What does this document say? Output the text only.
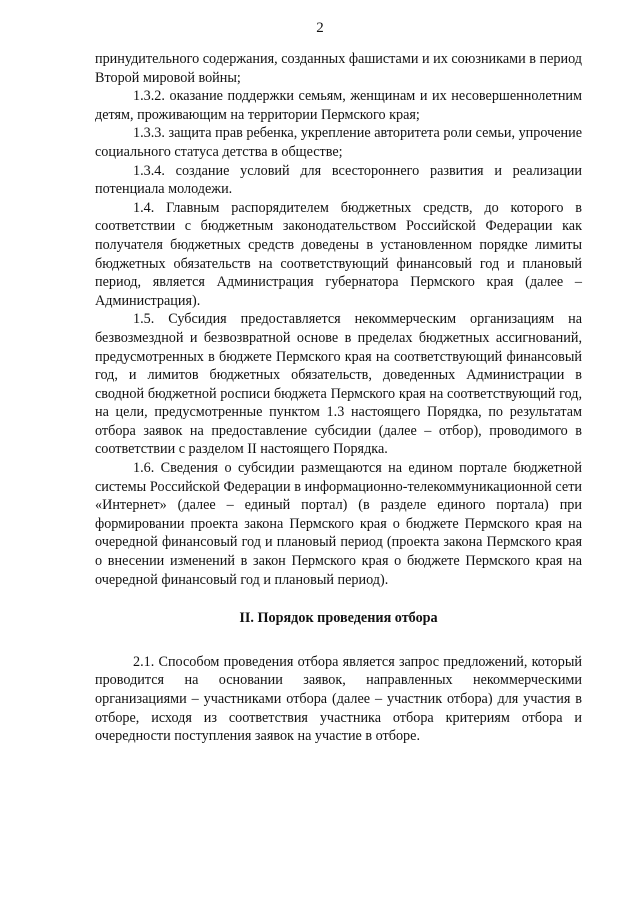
2

принудительного содержания, созданных фашистами и их союзниками в период Второй мировой войны;

1.3.2. оказание поддержки семьям, женщинам и их несовершеннолетним детям, проживающим на территории Пермского края;

1.3.3. защита прав ребенка, укрепление авторитета роли семьи, упрочение социального статуса детства в обществе;

1.3.4. создание условий для всестороннего развития и реализации потенциала молодежи.

1.4. Главным распорядителем бюджетных средств, до которого в соответствии с бюджетным законодательством Российской Федерации как получателя бюджетных средств доведены в установленном порядке лимиты бюджетных обязательств на соответствующий финансовый год и плановый период, является Администрация губернатора Пермского края (далее – Администрация).

1.5. Субсидия предоставляется некоммерческим организациям на безвозмездной и безвозвратной основе в пределах бюджетных ассигнований, предусмотренных в бюджете Пермского края на соответствующий финансовый год, и лимитов бюджетных обязательств, доведенных Администрации в сводной бюджетной росписи бюджета Пермского края на соответствующий год, на цели, предусмотренные пунктом 1.3 настоящего Порядка, по результатам отбора заявок на предоставление субсидии (далее – отбор), проводимого в соответствии с разделом II настоящего Порядка.

1.6. Сведения о субсидии размещаются на едином портале бюджетной системы Российской Федерации в информационно-телекоммуникационной сети «Интернет» (далее – единый портал) (в разделе единого портала) при формировании проекта закона Пермского края о бюджете Пермского края на очередной финансовый год и плановый период (проекта закона Пермского края о внесении изменений в закон Пермского края о бюджете Пермского края на очередной финансовый год и плановый период).

II. Порядок проведения отбора

2.1. Способом проведения отбора является запрос предложений, который проводится на основании заявок, направленных некоммерческими организациями – участниками отбора (далее – участник отбора) для участия в отборе, исходя из соответствия участника отбора критериям отбора и очередности поступления заявок на участие в отборе.
